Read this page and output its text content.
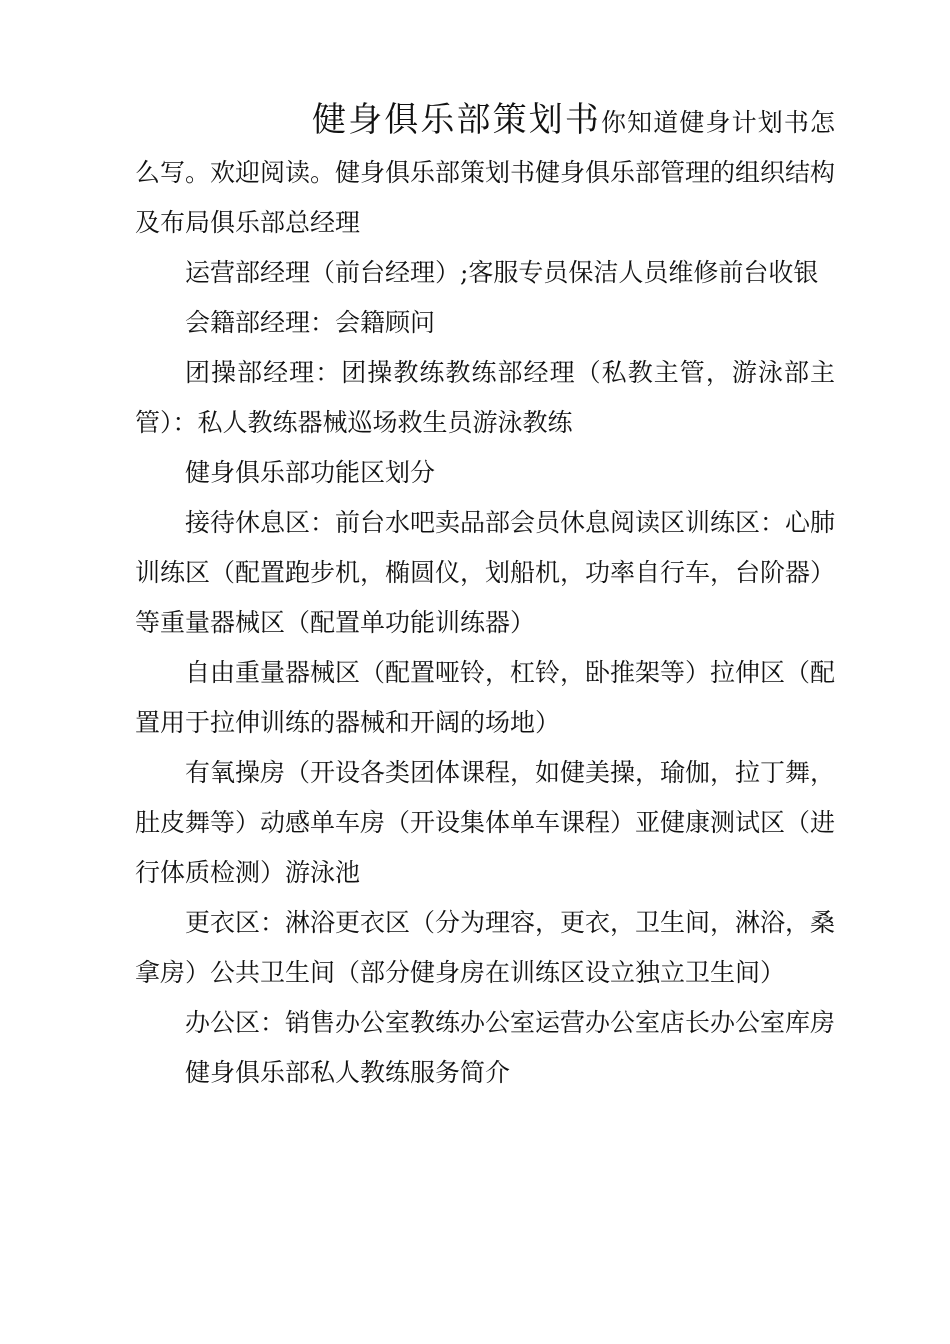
健身俱乐部策划书你知道健身计划书怎么写。欢迎阅读。健身俱乐部策划书健身俱乐部管理的组织结构及布局俱乐部总经理

运营部经理（前台经理）;客服专员保洁人员维修前台收银

会籍部经理：会籍顾问

团操部经理：团操教练教练部经理（私教主管，游泳部主管）：私人教练器械巡场救生员游泳教练

健身俱乐部功能区划分

接待休息区：前台水吧卖品部会员休息阅读区训练区：心肺训练区（配置跑步机，椭圆仪，划船机，功率自行车，台阶器）等重量器械区（配置单功能训练器）

自由重量器械区（配置哑铃，杠铃，卧推架等）拉伸区（配置用于拉伸训练的器械和开阔的场地）

有氧操房（开设各类团体课程，如健美操，瑜伽，拉丁舞，肚皮舞等）动感单车房（开设集体单车课程）亚健康测试区（进行体质检测）游泳池

更衣区：淋浴更衣区（分为理容，更衣，卫生间，淋浴，桑拿房）公共卫生间（部分健身房在训练区设立独立卫生间）

办公区：销售办公室教练办公室运营办公室店长办公室库房

健身俱乐部私人教练服务简介
